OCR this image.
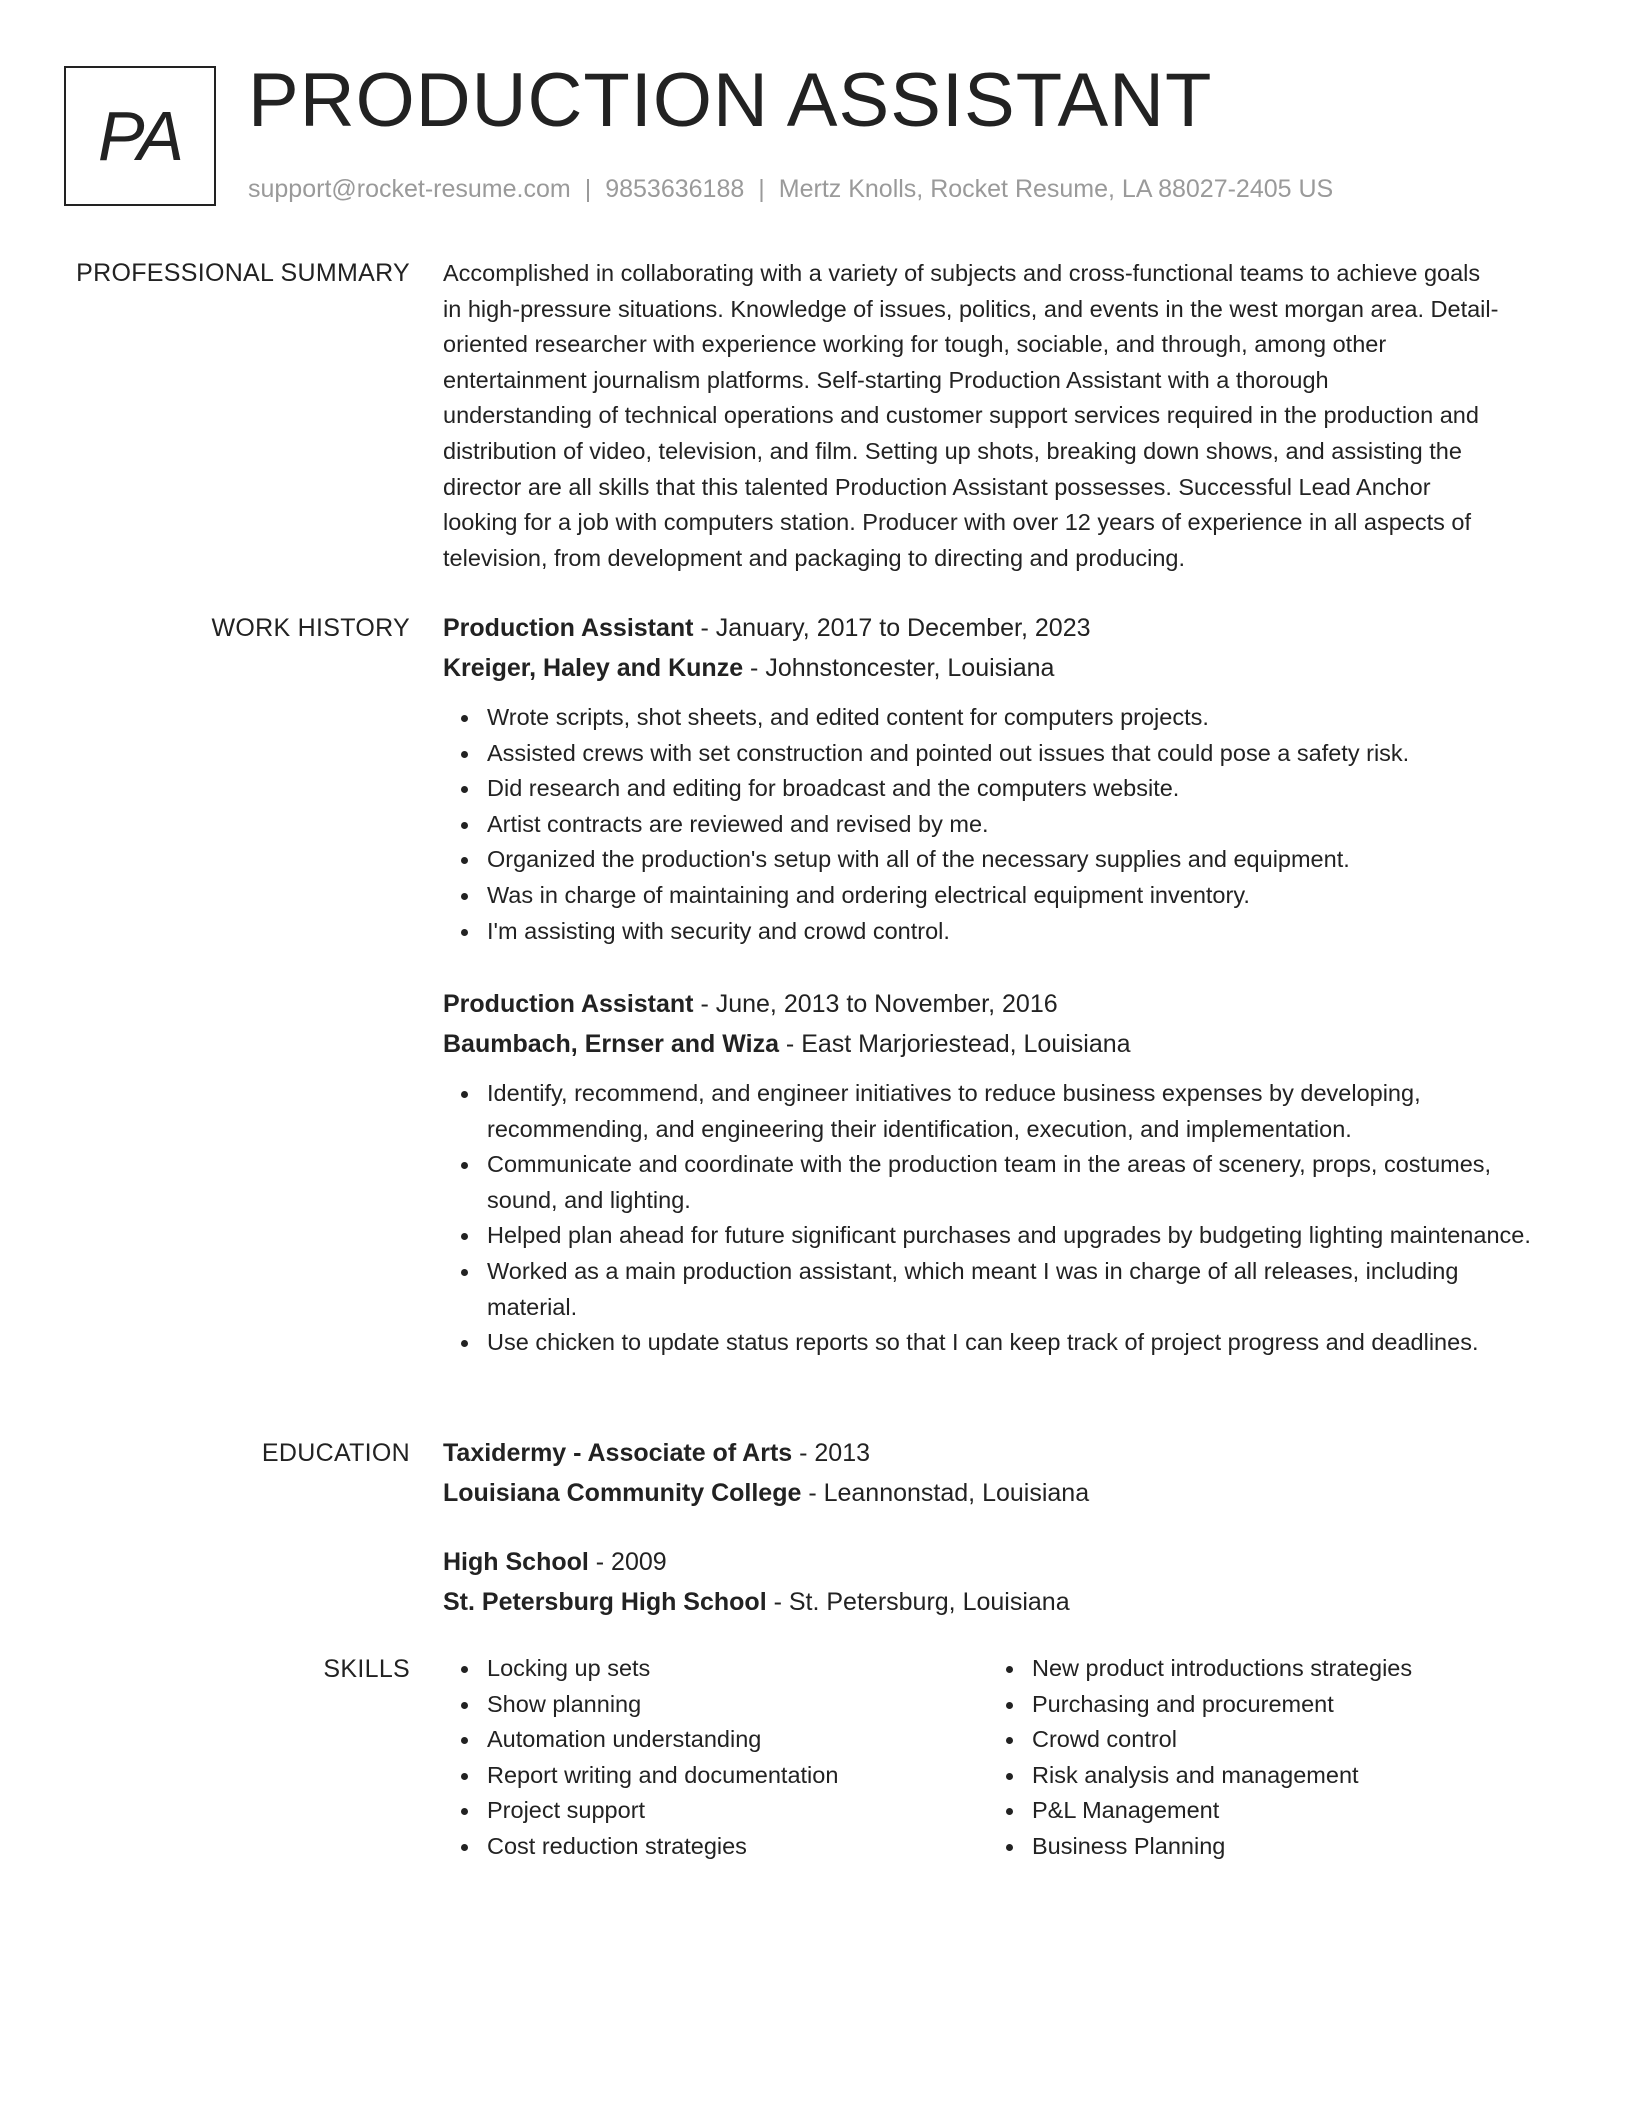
PA PRODUCTION ASSISTANT
support@rocket-resume.com | 9853636188 | Mertz Knolls, Rocket Resume, LA 88027-2405 US
PROFESSIONAL SUMMARY Accomplished in collaborating with a variety of subjects and cross-functional teams to achieve goals
in high-pressure situations. Knowledge of issues, politics, and events in the west morgan area. Detail-
oriented researcher with experience working for tough, sociable, and through, among other
entertainment journalism platforms. Self-starting Production Assistant with a thorough
understanding of technical operations and customer support services required in the production and
distribution of video, television, and film. Setting up shots, breaking down shows, and assisting the
director are all skills that this talented Production Assistant possesses. Successful Lead Anchor
looking for a job with computers station. Producer with over 12 years of experience in all aspects of
television, from development and packaging to directing and producing.

WORK HISTORY Production Assistant - January, 2017 to December, 2023
Kreiger, Haley and Kunze - Johnstoncester, Louisiana
Wrote scripts, shot sheets, and edited content for computers projects.
Assisted crews with set construction and pointed out issues that could pose a safety risk.
Did research and editing for broadcast and the computers website.
Artist contracts are reviewed and revised by me.
Organized the production's setup with all of the necessary supplies and equipment.
Was in charge of maintaining and ordering electrical equipment inventory.
I'm assisting with security and crowd control.
Production Assistant - June, 2013 to November, 2016
Baumbach, Ernser and Wiza - East Marjoriestead, Louisiana
Identify, recommend, and engineer initiatives to reduce business expenses by developing, recommending, and engineering their identification, execution, and implementation.
Communicate and coordinate with the production team in the areas of scenery, props, costumes, sound, and lighting.
Helped plan ahead for future significant purchases and upgrades by budgeting lighting maintenance.
Worked as a main production assistant, which meant I was in charge of all releases, including material.
Use chicken to update status reports so that I can keep track of project progress and deadlines.
EDUCATION Taxidermy - Associate of Arts - 2013
Louisiana Community College - Leannonstad, Louisiana
High School - 2009
St. Petersburg High School - St. Petersburg, Louisiana
SKILLS	Locking up sets
Show planning
Automation understanding
Report writing and documentation
Project support
Cost reduction strategies
New product introductions strategies
Purchasing and procurement
Crowd control
Risk analysis and management
P&L Management
Business Planning
